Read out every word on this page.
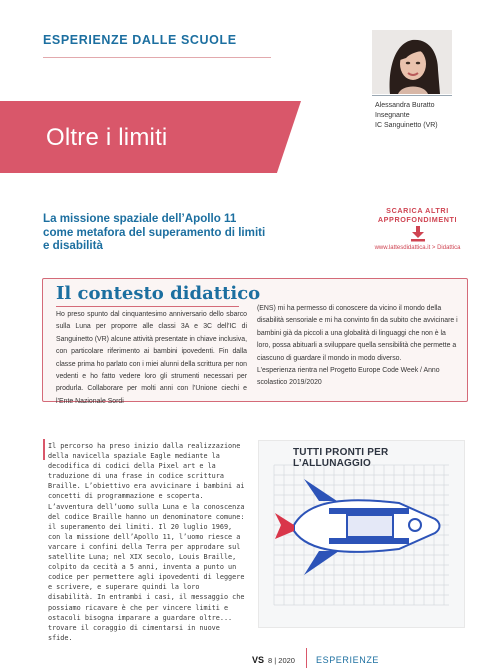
ESPERIENZE DALLE SCUOLE
Oltre i limiti
Alessandra Buratto
Insegnante
IC Sanguinetto (VR)
La missione spaziale dell’Apollo 11 come metafora del superamento di limiti e disabilità
SCARICA ALTRI
APPROFONDIMENTI
www.lattesdidattica.it > Didattica
Il contesto didattico
Ho preso spunto dal cinquantesimo anniversario dello sbarco sulla Luna per proporre alle classi 3A e 3C dell’IC di Sanguinetto (VR) alcune attività presentate in chiave inclusiva, con particolare riferimento ai bambini ipovedenti. Fin dalla classe prima ho parlato con i miei alunni della scrittura per non vedenti e ho fatto vedere loro gli strumenti necessari per produrla. Collaborare per molti anni con l’Unione ciechi e l’Ente Nazionale Sordi
(ENS) mi ha permesso di conoscere da vicino il mondo della disabilità sensoriale e mi ha convinto fin da subito che avvicinare i bambini già da piccoli a una globalità di linguaggi che non è la loro, possa abituarli a sviluppare quella sensibilità che permette a ciascuno di guardare il mondo in modo diverso.
L’esperienza rientra nel Progetto Europe Code Week / Anno scolastico 2019/2020
Il percorso ha preso inizio dalla realizzazione della navicella spaziale Eagle mediante la decodifica di codici della Pixel art e la traduzione di una frase in codice scrittura Braille. L’obiettivo era avvicinare i bambini ai concetti di programmazione e scoperta. L’avventura dell’uomo sulla Luna e la conoscenza del codice Braille hanno un denominatore comune: il superamento dei limiti. Il 20 luglio 1969, con la missione dell’Apollo 11, l’uomo riesce a varcare i confini della Terra per approdare sul satellite Luna; nel XIX secolo, Louis Braille, colpito da cecità a 5 anni, inventa a punto un codice per permettere agli ipovedenti di leggere e scrivere, e superare quindi la loro disabilità. In entrambi i casi, il messaggio che possiamo ricavare è che per vincere limiti e ostacoli bisogna imparare a guardare oltre... trovare il coraggio di cimentarsi in nuove sfide.
TUTTI PRONTI PER L’ALLUNAGGIO
VS 8 | 2020 ESPERIENZE
